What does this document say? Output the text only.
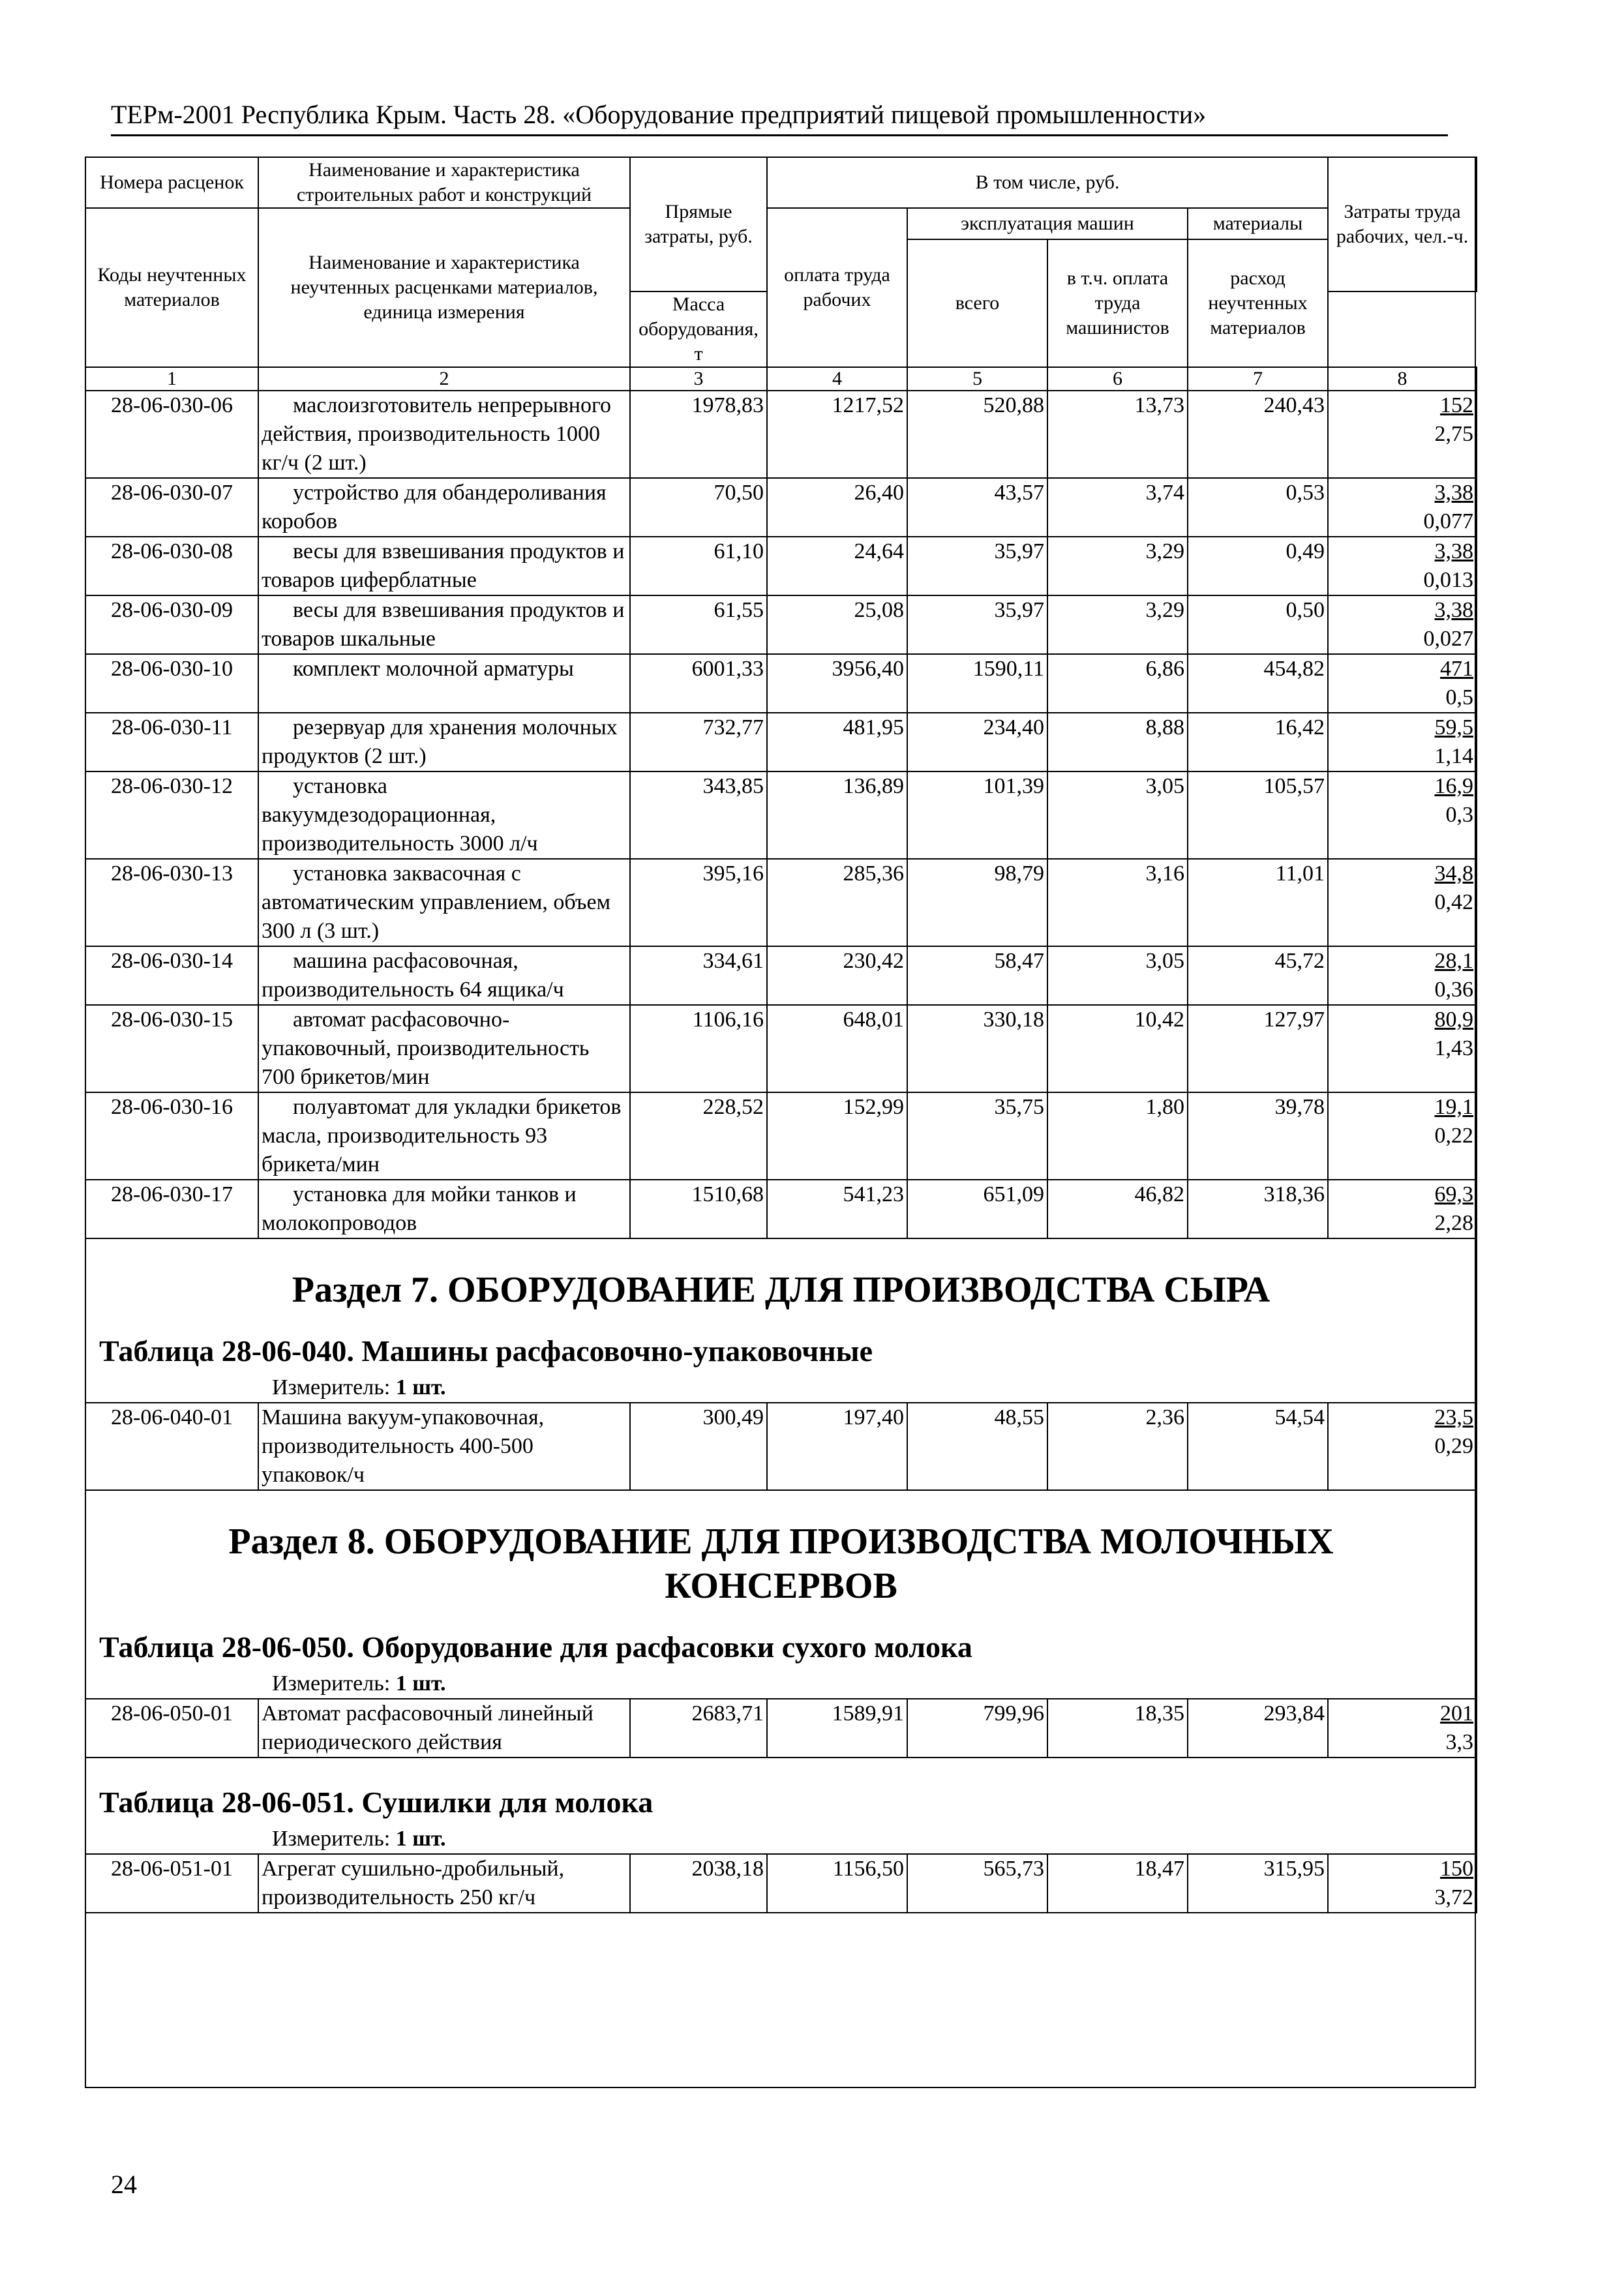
ТЕРм-2001 Республика Крым. Часть 28. «Оборудование предприятий пищевой промышленности»
Номера расценок	Наименование и характеристика строительных работ и конструкций	Прямые затраты, руб.	В том числе, руб.				Затраты труда рабочих, чел.-ч.
Коды неучтенных материалов	Наименование и характеристика неучтенных расценками материалов, единица измерения		оплата труда рабочих	эксплуатация машин		материалы	
				всего	в т.ч. оплата труда машинистов	расход неучтенных материалов	
		Масса оборудования, т					
1	2	3	4	5	6	7	8
28-06-030-06	маслоизготовитель непрерывного действия, производительность 1000 кг/ч (2 шт.)	1978,83	1217,52	520,88	13,73	240,43	152
2,75

28-06-030-07	устройство для обандероливания коробов	70,50	26,40	43,57	3,74	0,53	3,38
0,077

28-06-030-08	весы для взвешивания продуктов и товаров циферблатные	61,10	24,64	35,97	3,29	0,49	3,38
0,013

28-06-030-09	весы для взвешивания продуктов и товаров шкальные	61,55	25,08	35,97	3,29	0,50	3,38
0,027

28-06-030-10	комплект молочной арматуры	6001,33	3956,40	1590,11	6,86	454,82	471
0,5

28-06-030-11	резервуар для хранения молочных продуктов (2 шт.)	732,77	481,95	234,40	8,88	16,42	59,5
1,14

28-06-030-12	установка вакуумдезодорационная, производительность 3000 л/ч	343,85	136,89	101,39	3,05	105,57	16,9
0,3

28-06-030-13	установка заквасочная с автоматическим управлением, объем 300 л (3 шт.)	395,16	285,36	98,79	3,16	11,01	34,8
0,42

28-06-030-14	машина расфасовочная, производительность 64 ящика/ч	334,61	230,42	58,47	3,05	45,72	28,1
0,36

28-06-030-15	автомат расфасовочно-упаковочный, производительность 700 брикетов/мин	1106,16	648,01	330,18	10,42	127,97	80,9
1,43

28-06-030-16	полуавтомат для укладки брикетов масла, производительность 93 брикета/мин	228,52	152,99	35,75	1,80	39,78	19,1
0,22

28-06-030-17	установка для мойки танков и молокопроводов	1510,68	541,23	651,09	46,82	318,36	69,3
2,28

Раздел 7. ОБОРУДОВАНИЕ ДЛЯ ПРОИЗВОДСТВА СЫРА
Таблица 28-06-040. Машины расфасовочно-упаковочные
Измеритель: 1 шт.							

28-06-040-01	Машина вакуум-упаковочная, производительность 400-500 упаковок/ч	300,49	197,40	48,55	2,36	54,54	23,5
0,29

Раздел 8. ОБОРУДОВАНИЕ ДЛЯ ПРОИЗВОДСТВА МОЛОЧНЫХ КОНСЕРВОВ
Таблица 28-06-050. Оборудование для расфасовки сухого молока
Измеритель: 1 шт.							

28-06-050-01	Автомат расфасовочный линейный периодического действия	2683,71	1589,91	799,96	18,35	293,84	201
3,3

Таблица 28-06-051. Сушилки для молока
Измеритель: 1 шт.							

28-06-051-01	Агрегат сушильно-дробильный, производительность 250 кг/ч	2038,18	1156,50	565,73	18,47	315,95	150
3,72
24
